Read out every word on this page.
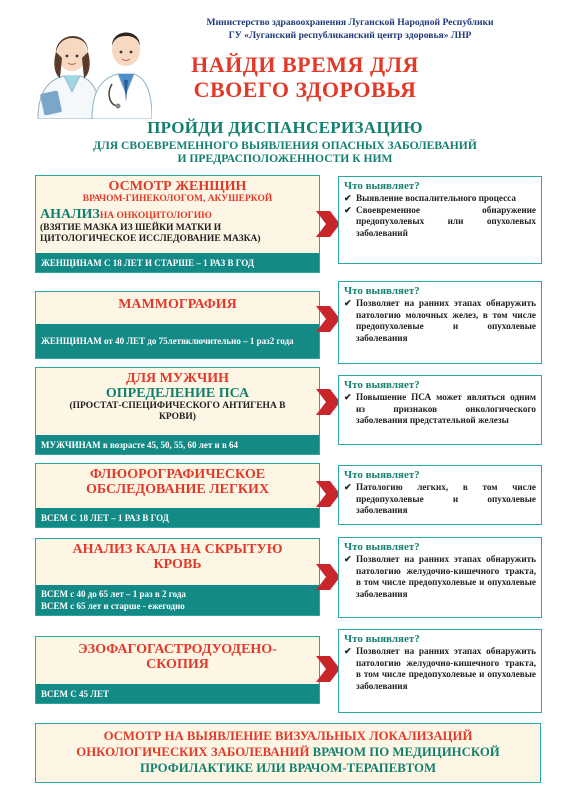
Министерство здравоохранения Луганской Народной Республики
ГУ «Луганский республиканский центр здоровья» ЛНР
НАЙДИ ВРЕМЯ ДЛЯ
СВОЕГО ЗДОРОВЬЯ
ПРОЙДИ ДИСПАНСЕРИЗАЦИЮ
ДЛЯ СВОЕВРЕМЕННОГО ВЫЯВЛЕНИЯ ОПАСНЫХ ЗАБОЛЕВАНИЙ
И ПРЕДРАСПОЛОЖЕННОСТИ К НИМ
ОСМОТР ЖЕНЩИН
ВРАЧОМ-ГИНЕКОЛОГОМ, АКУШЕРКОЙ
АНАЛИЗНА ОНКОЦИТОЛОГИЮ
(ВЗЯТИЕ МАЗКА ИЗ ШЕЙКИ МАТКИ И
ЦИТОЛОГИЧЕСКОЕ ИССЛЕДОВАНИЕ МАЗКА)
ЖЕНЩИНАМ С 18 ЛЕТ И СТАРШЕ – 1 РАЗ В ГОД
Что выявляет?
✔ Выявление воспалительного процесса
✔ Своевременное обнаружение предопухолевых или опухолевых заболеваний
МАММОГРАФИЯ
ЖЕНЩИНАМ от 40 ЛЕТ до 75летвключительно – 1 раз2 года
Что выявляет?
✔ Позволяет на ранних этапах обнаружить патологию молочных желез, в том числе предопухолевые и опухолевые заболевания
ДЛЯ МУЖЧИН
ОПРЕДЕЛЕНИЕ ПСА
(ПРОСТАТ-СПЕЦИФИЧЕСКОГО АНТИГЕНА В КРОВИ)
МУЖЧИНАМ в возрасте 45, 50, 55, 60 лет и в 64
Что выявляет?
✔ Повышение ПСА может являться одним из признаков онкологического заболевания предстательной железы
ФЛЮОРОГРАФИЧЕСКОЕ
ОБСЛЕДОВАНИЕ ЛЕГКИХ
ВСЕМ С 18 ЛЕТ – 1 РАЗ В ГОД
Что выявляет?
✔ Патологию легких, в том числе предопухолевые и опухолевые заболевания
АНАЛИЗ КАЛА НА СКРЫТУЮ
КРОВЬ
ВСЕМ с 40 до 65 лет – 1 раз в 2 года
ВСЕМ с 65 лет и старше - ежегодно
Что выявляет?
✔ Позволяет на ранних этапах обнаружить патологию желудочно-кишечного тракта, в том числе предопухолевые и опухолевые заболевания
ЭЗОФАГОГАСТРОДУОДЕНО-
СКОПИЯ
ВСЕМ С 45 ЛЕТ
Что выявляет?
✔ Позволяет на ранних этапах обнаружить патологию желудочно-кишечного тракта, в том числе предопухолевые и опухолевые заболевания
ОСМОТР НА ВЫЯВЛЕНИЕ ВИЗУАЛЬНЫХ ЛОКАЛИЗАЦИЙ
ОНКОЛОГИЧЕСКИХ ЗАБОЛЕВАНИЙ ВРАЧОМ ПО МЕДИЦИНСКОЙ
ПРОФИЛАКТИКЕ ИЛИ ВРАЧОМ-ТЕРАПЕВТОМ
